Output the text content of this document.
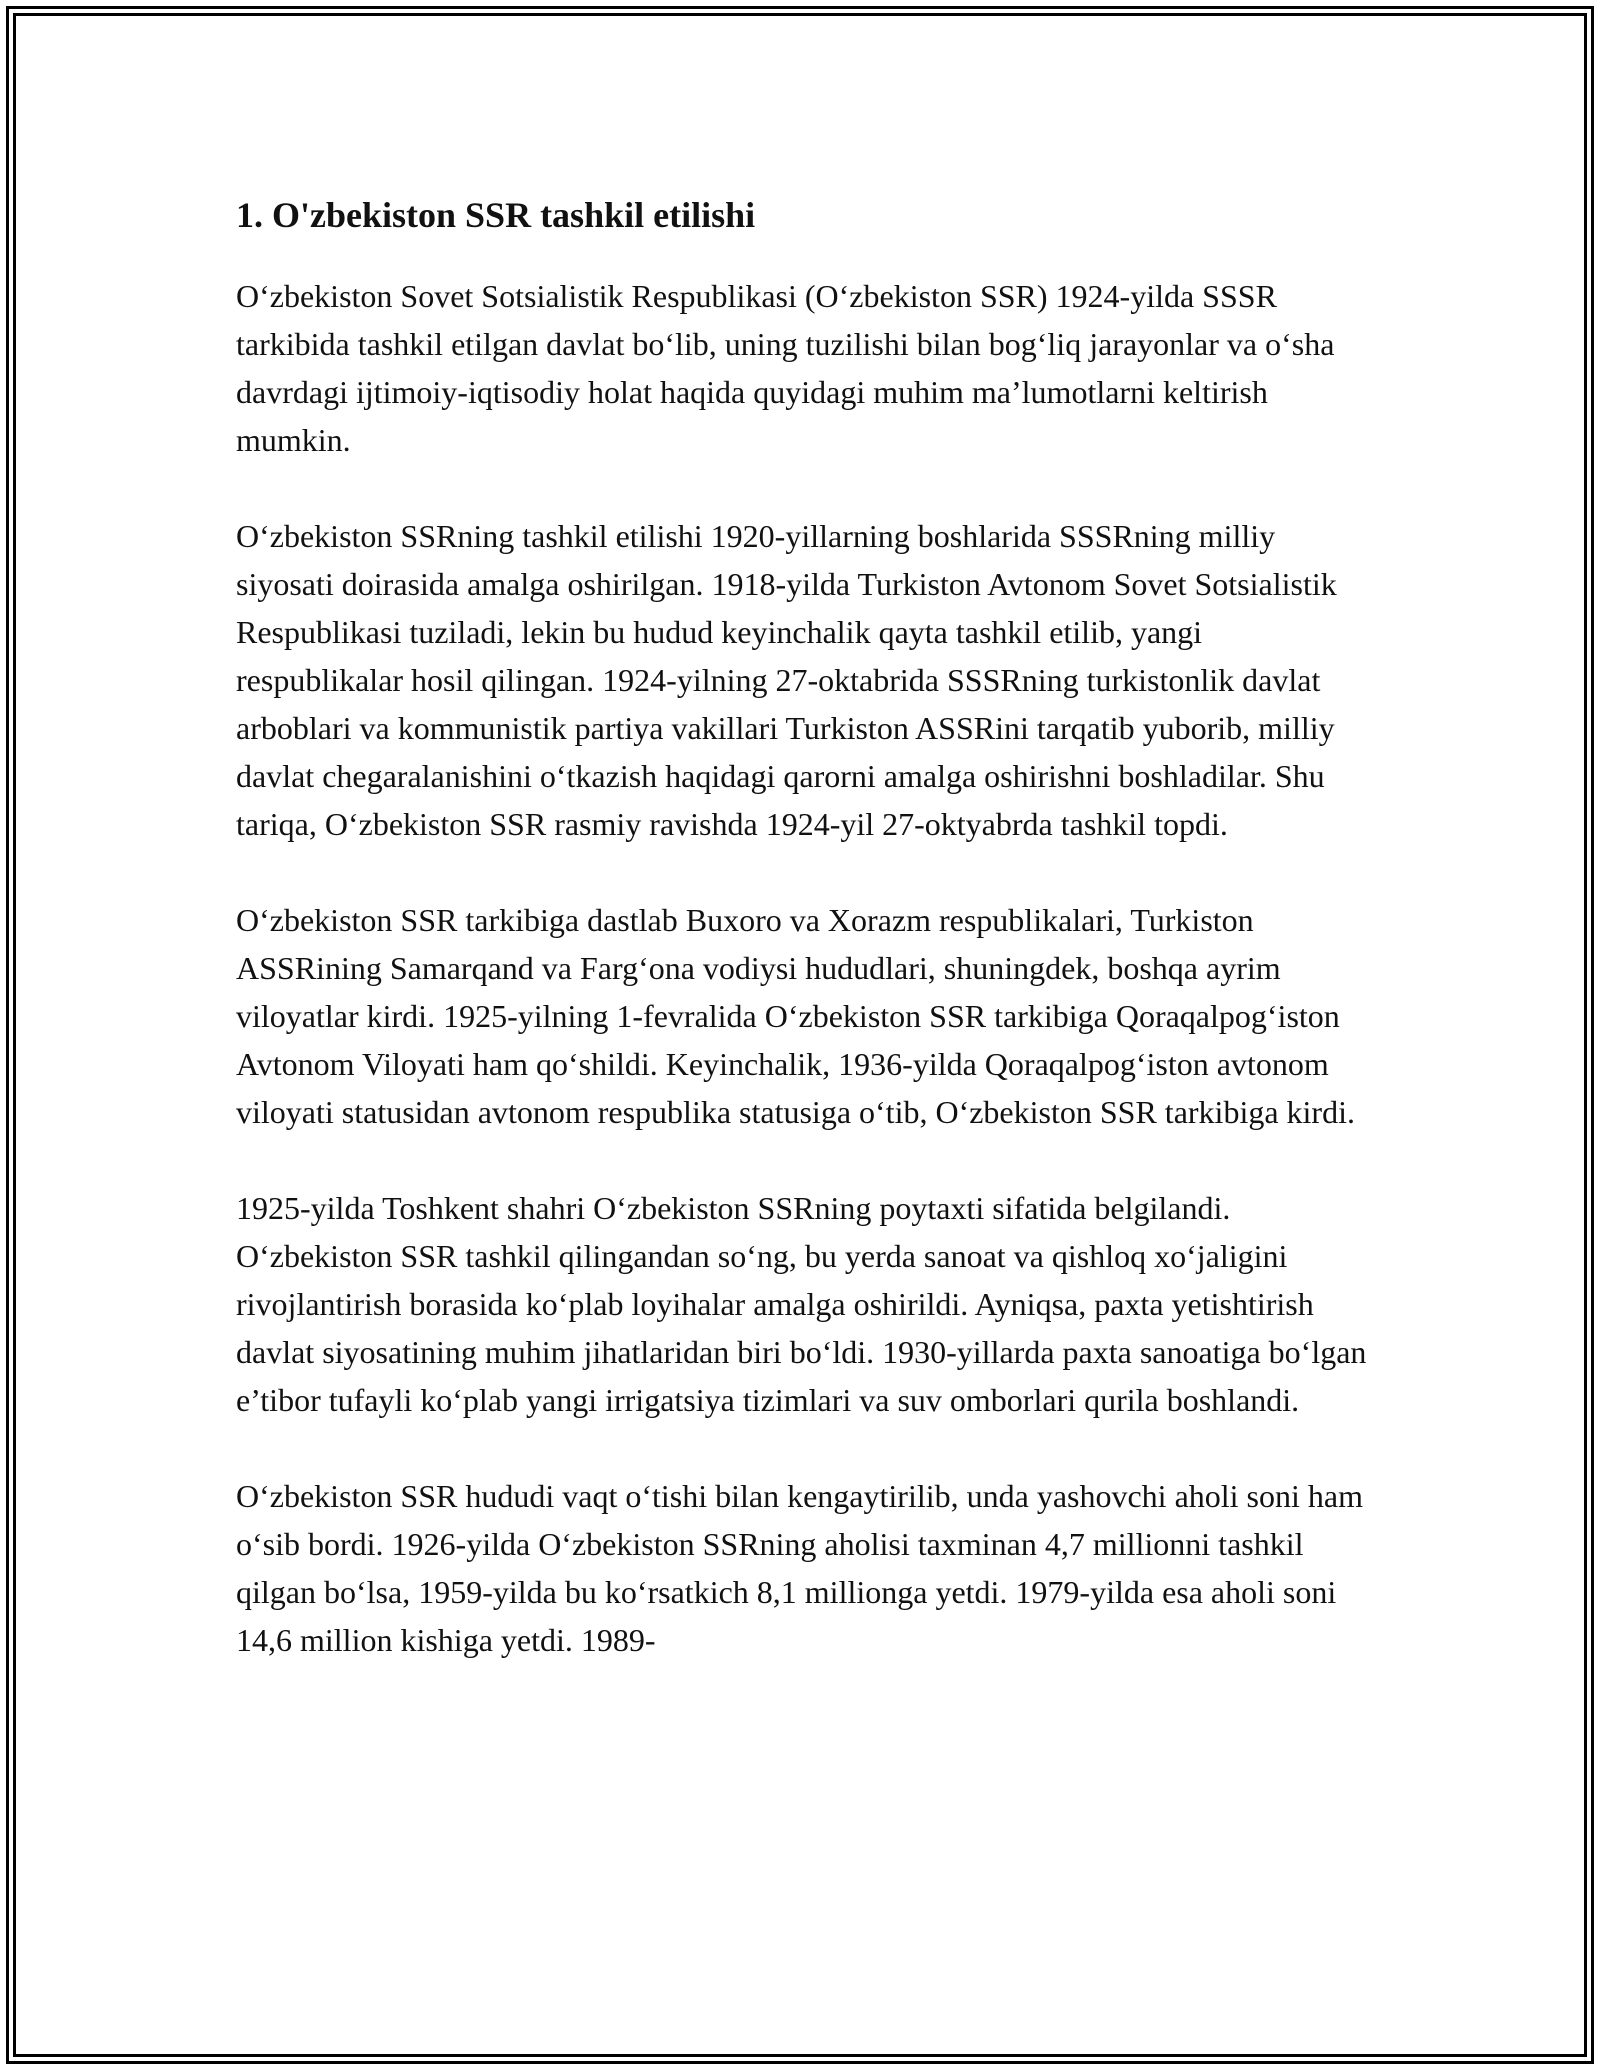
1. O'zbekiston SSR tashkil etilishi

O‘zbekiston Sovet Sotsialistik Respublikasi (O‘zbekiston SSR) 1924-yilda SSSR tarkibida tashkil etilgan davlat bo‘lib, uning tuzilishi bilan bog‘liq jarayonlar va o‘sha davrdagi ijtimoiy-iqtisodiy holat haqida quyidagi muhim ma’lumotlarni keltirish mumkin.

O‘zbekiston SSRning tashkil etilishi 1920-yillarning boshlarida SSSRning milliy siyosati doirasida amalga oshirilgan. 1918-yilda Turkiston Avtonom Sovet Sotsialistik Respublikasi tuziladi, lekin bu hudud keyinchalik qayta tashkil etilib, yangi respublikalar hosil qilingan. 1924-yilning 27-oktabrida SSSRning turkistonlik davlat arboblari va kommunistik partiya vakillari Turkiston ASSRini tarqatib yuborib, milliy davlat chegaralanishini o‘tkazish haqidagi qarorni amalga oshirishni boshladilar. Shu tariqa, O‘zbekiston SSR rasmiy ravishda 1924-yil 27-oktyabrda tashkil topdi.

O‘zbekiston SSR tarkibiga dastlab Buxoro va Xorazm respublikalari, Turkiston ASSRining Samarqand va Farg‘ona vodiysi hududlari, shuningdek, boshqa ayrim viloyatlar kirdi. 1925-yilning 1-fevralida O‘zbekiston SSR tarkibiga Qoraqalpog‘iston Avtonom Viloyati ham qo‘shildi. Keyinchalik, 1936-yilda Qoraqalpog‘iston avtonom viloyati statusidan avtonom respublika statusiga o‘tib, O‘zbekiston SSR tarkibiga kirdi.

1925-yilda Toshkent shahri O‘zbekiston SSRning poytaxti sifatida belgilandi. O‘zbekiston SSR tashkil qilingandan so‘ng, bu yerda sanoat va qishloq xo‘jaligini rivojlantirish borasida ko‘plab loyihalar amalga oshirildi. Ayniqsa, paxta yetishtirish davlat siyosatining muhim jihatlaridan biri bo‘ldi. 1930-yillarda paxta sanoatiga bo‘lgan e’tibor tufayli ko‘plab yangi irrigatsiya tizimlari va suv omborlari qurila boshlandi.

O‘zbekiston SSR hududi vaqt o‘tishi bilan kengaytirilib, unda yashovchi aholi soni ham o‘sib bordi. 1926-yilda O‘zbekiston SSRning aholisi taxminan 4,7 millionni tashkil qilgan bo‘lsa, 1959-yilda bu ko‘rsatkich 8,1 millionga yetdi. 1979-yilda esa aholi soni 14,6 million kishiga yetdi. 1989-
